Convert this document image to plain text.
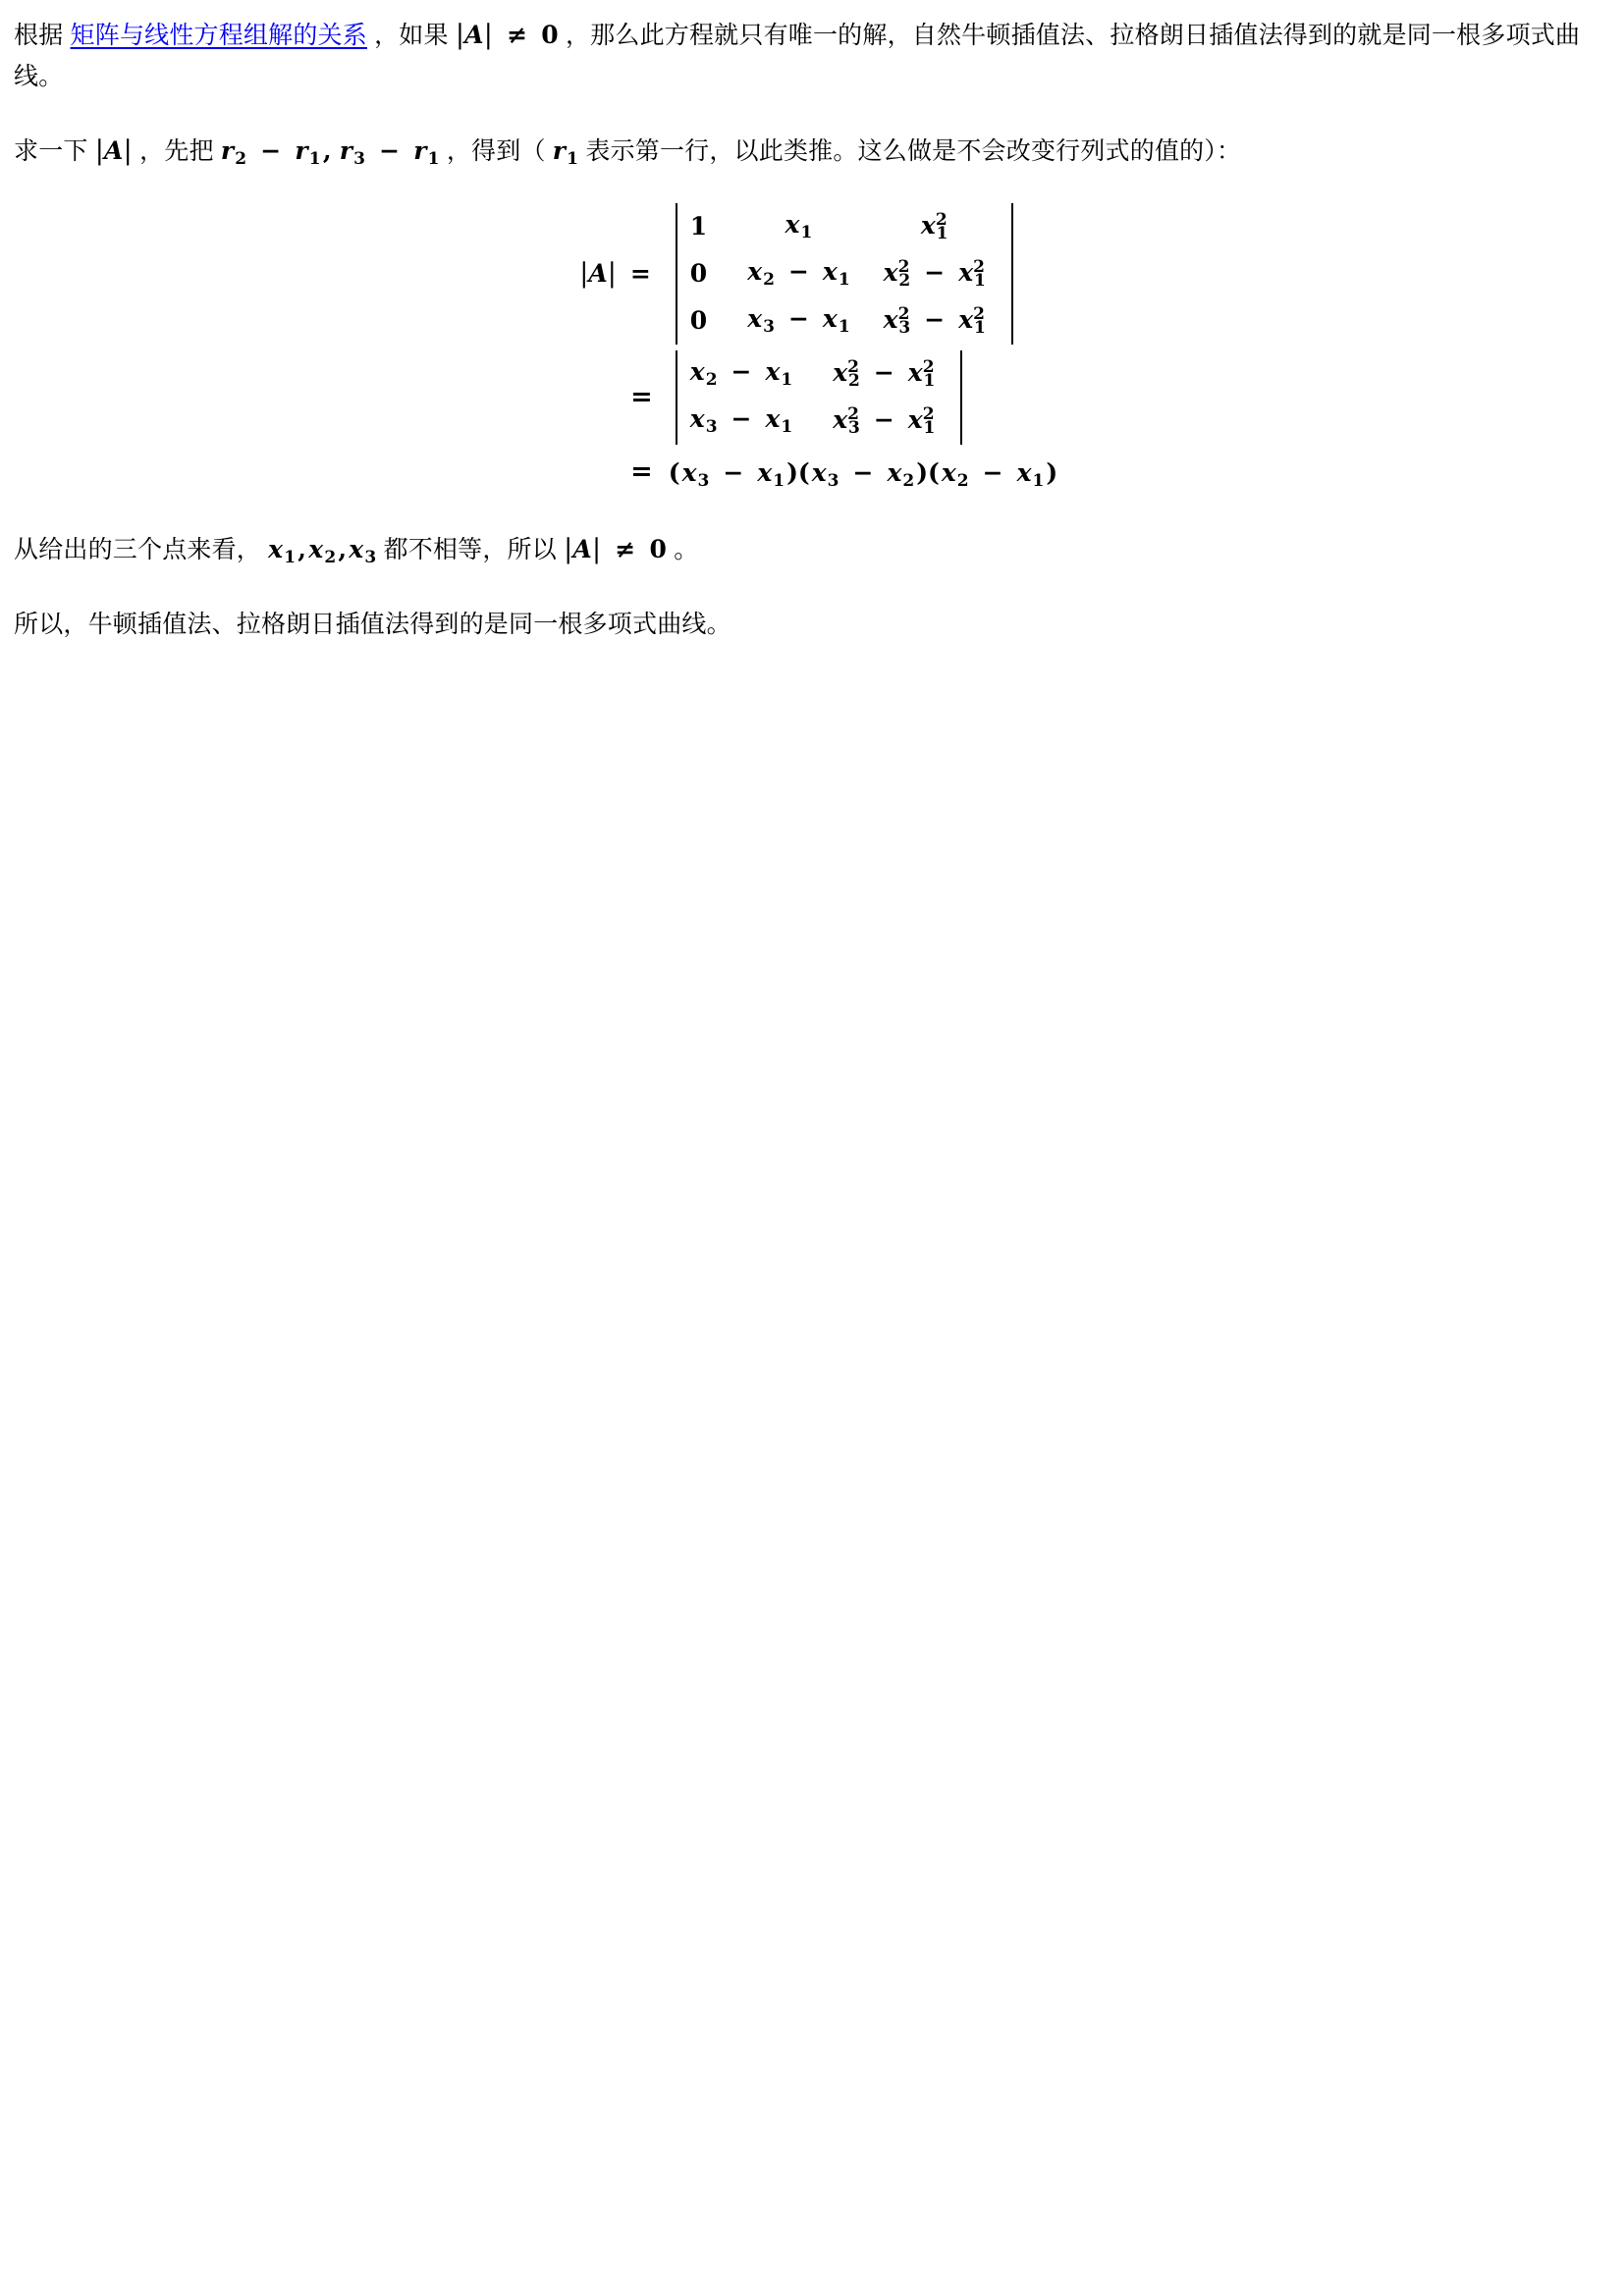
根据 矩阵与线性方程组解的关系 ，如果 |A| ≠ 0 ，那么此方程就只有唯一的解，自然牛顿插值法、拉格朗日插值法得到的就是同一根多项式曲线。

求一下 |A| ，先把 $r_2 - r_1$, $r_3 - r_1$ ，得到（ $r_1$ 表示第一行，以此类推。这么做是不会改变行列式的值的）：

|A| =
1	$x_1$	$x^2_1$
0	$x_2 - x_1$	$x^2_2 - x^2_1$
0	$x_3 - x_1$	$x^2_3 - x^2_1$
=
$x_2 - x_1$	$x^2_2 - x^2_1$
$x_3 - x_1$	$x^2_3 - x^2_1$
= $(x_3 - x_1)(x_3 - x_2)(x_2 - x_1)$

从给出的三个点来看， $x_1,x_2,x_3$ 都不相等，所以 |A| ≠ 0 。

所以，牛顿插值法、拉格朗日插值法得到的是同一根多项式曲线。
